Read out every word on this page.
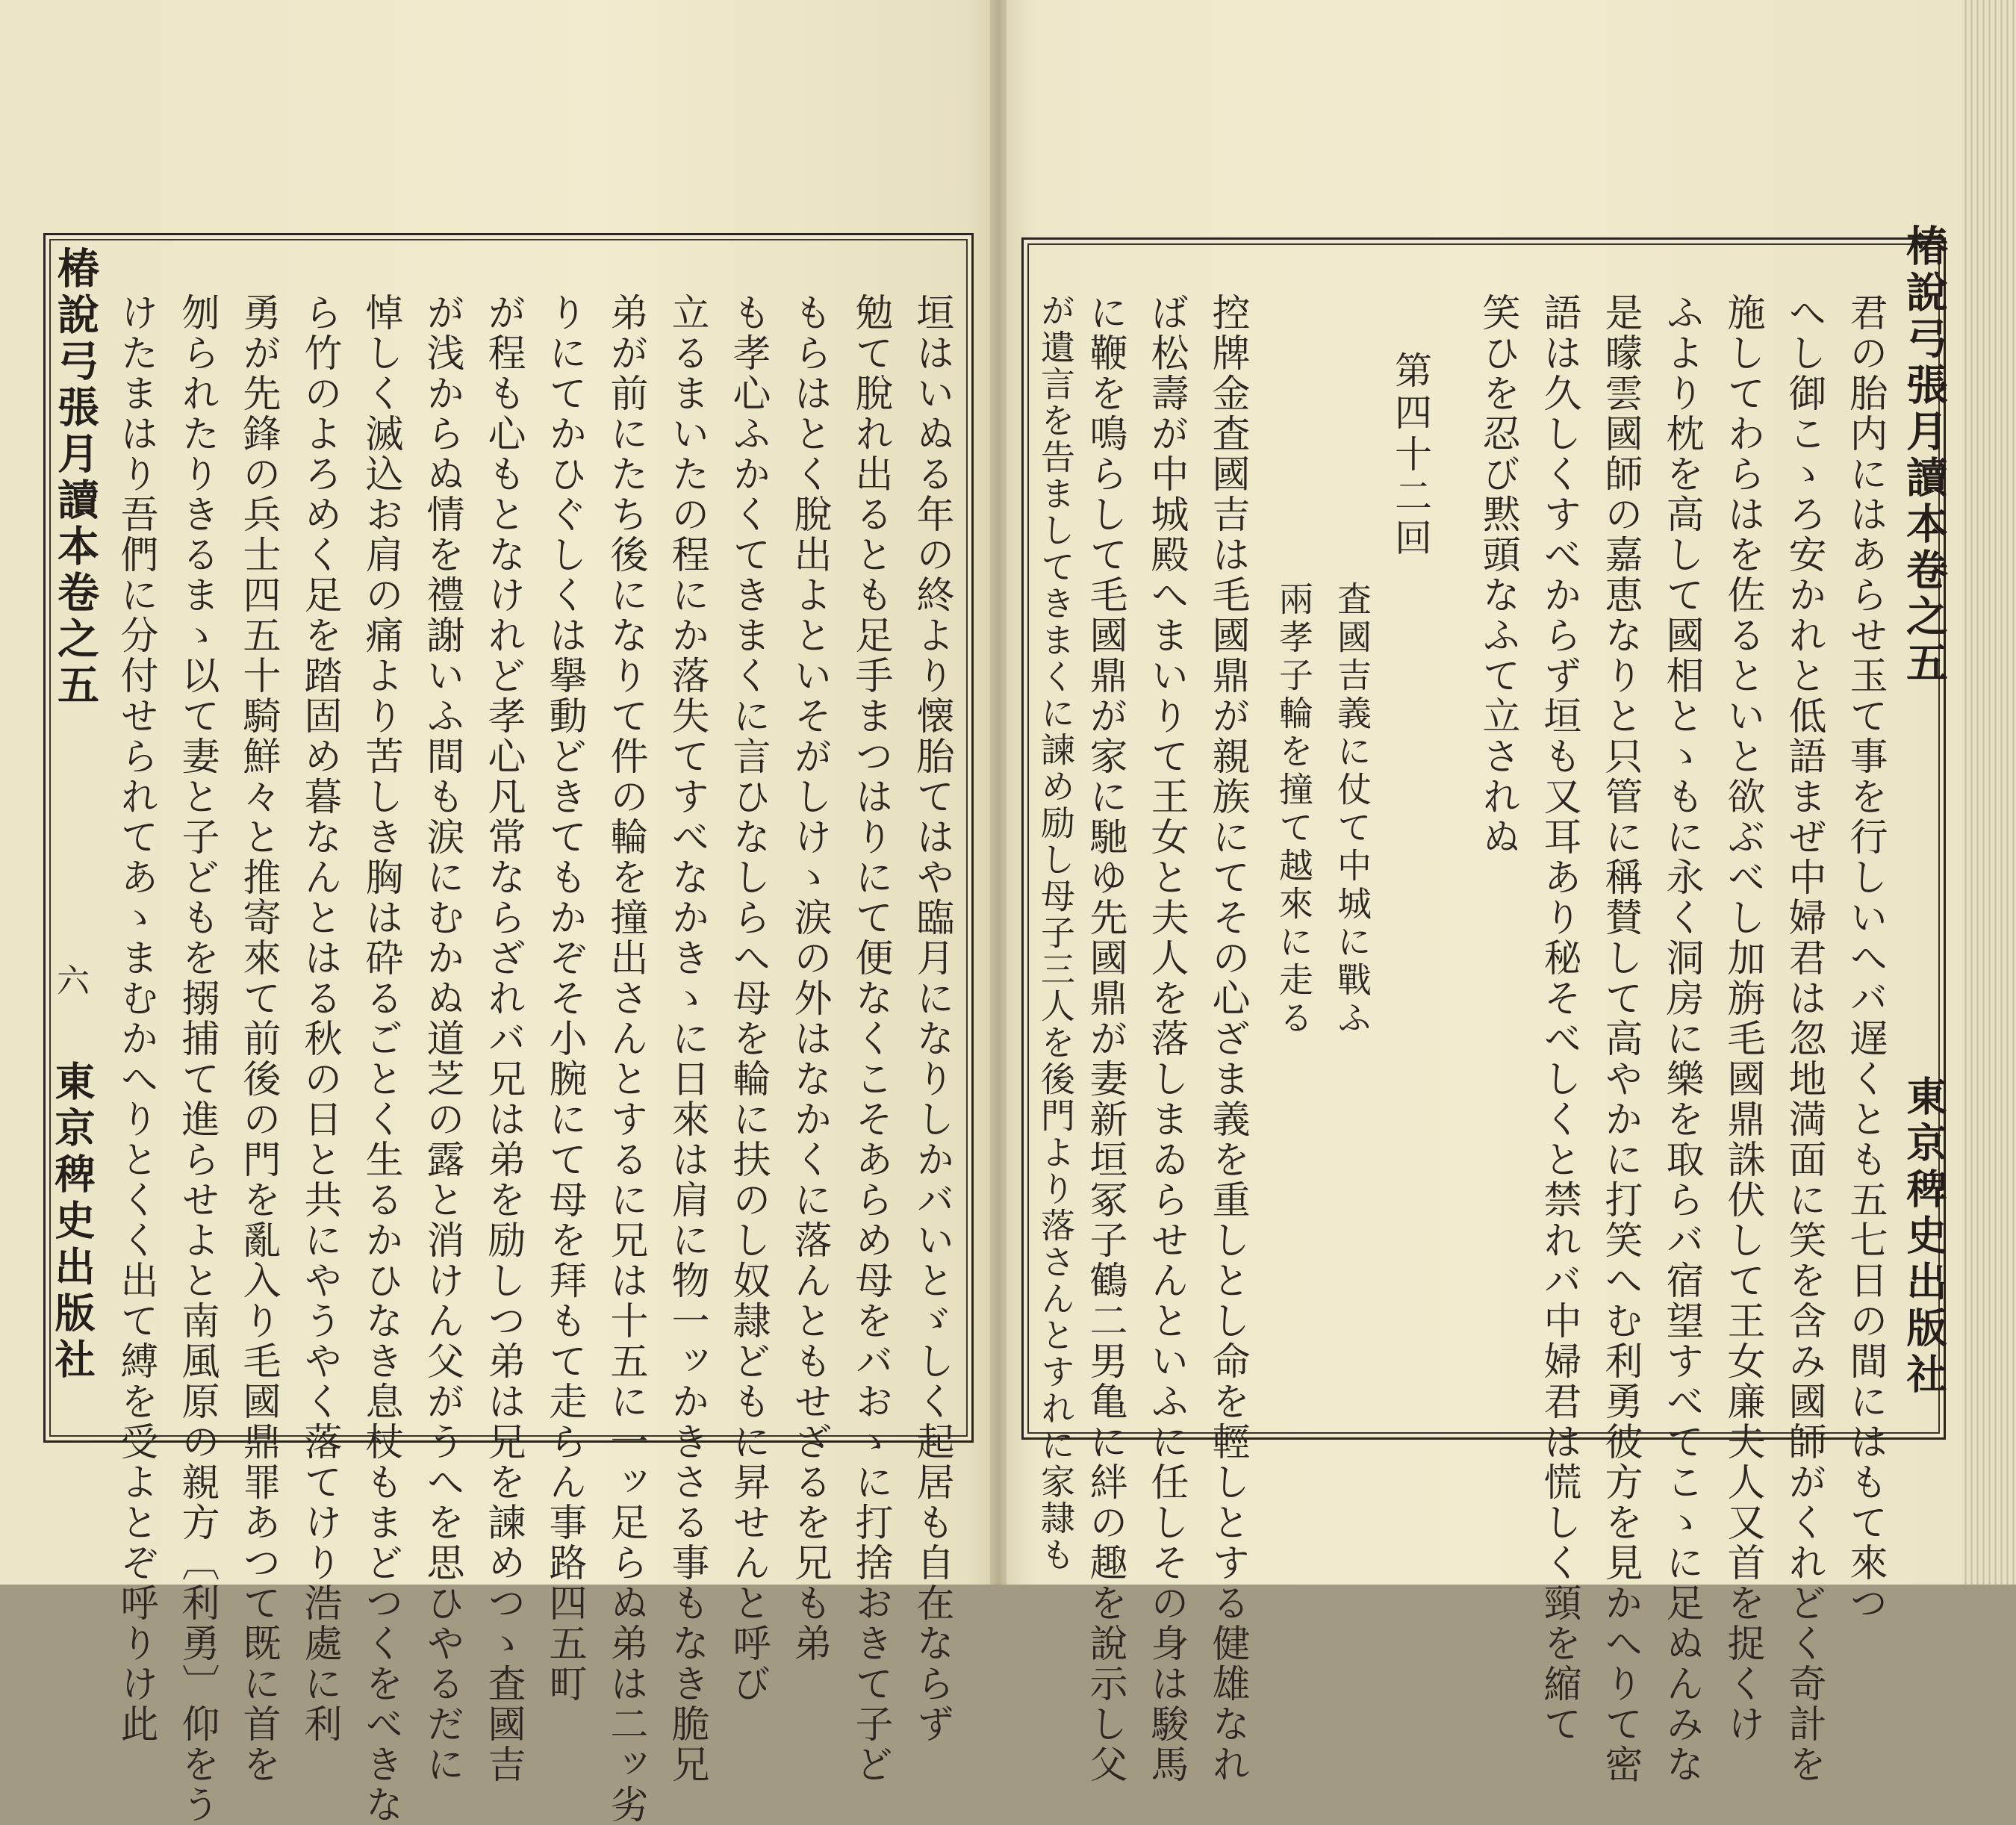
椿說弓張月讀本卷之五
六
東京稗史出版社	垣はいぬる年の終より懐胎てはや臨月になりしかバいとゞしく起居も自在ならず
勉て脫れ出るとも足手まつはりにて便なくこそあらめ母をバおゝに打捨おきて子ど
もらはとく脫出よといそがしけゝ涙の外はなかくに落んともせざるを兄も弟
も孝心ふかくてきまくに言ひなしらへ母を輪に扶のし奴隷どもに昇せんと呼び
立るまいたの程にか落失てすべなかきゝに日來は肩に物一ッかきさる事もなき脆兄
弟が前にたち後になりて件の輪を撞出さんとするに兄は十五に一ッ足らぬ弟は二ッ劣
りにてかひぐしくは擧動どきてもかぞそ小腕にて母を拜もて走らん事路四五町
が程も心もとなけれど孝心凡常ならざれバ兄は弟を励しつ弟は兄を諫めつゝ査國吉
が浅からぬ情を禮謝いふ間も涙にむかぬ道芝の露と消けん父がうへを思ひやるだに
悼しく滅込お肩の痛より苦しき胸は砕るごとく生るかひなき息杖もまどつくをべきな
ら竹のよろめく足を踏固め暮なんとはる秋の日と共にやうやく落てけり浩處に利
勇が先鋒の兵士四五十騎鮮々と推寄來て前後の門を亂入り毛國鼎罪あつて既に首を
刎られたりきるまゝ以て妻と子どもを搦捕て進らせよと南風原の親方〔利勇〕仰をう
けたまはり吾們に分付せられてあゝまむかへりとくく出て縛を受よとぞ呼りけ此	椿說弓張月讀本卷之五
東京稗史出版社
君の胎内にはあらせ玉て事を行しいへバ遅くとも五七日の間にはもて來つ
へし御こゝろ安かれと低語まぜ中婦君は忽地満面に笑を含み國師がくれどく奇計を
施してわらはを佐るといと欲ぶべし加旃毛國鼎誅伏して王女廉夫人又首を捉くけ
ふより枕を高して國相とゝもに永く洞房に樂を取らバ宿望すべてこゝに足ぬんみな
是曚雲國師の嘉恵なりと只管に稱賛して高やかに打笑へむ利勇彼方を見かへりて密
語は久しくすべからず垣も又耳あり秘そべしくと禁れバ中婦君は慌しく頸を縮て
笑ひを忍び黙頭なふて立されぬ
第四十二回
査國吉義に仗て中城に戰ふ
兩孝子輪を撞て越來に走る
控牌金査國吉は毛國鼎が親族にてその心ざま義を重しとし命を輕しとする健雄なれ
ば松壽が中城殿へまいりて王女と夫人を落しまゐらせんといふに任しその身は駿馬
に鞭を鳴らして毛國鼎が家に馳ゆ先國鼎が妻新垣冢子鶴二男亀に絆の趣を說示し父
が遺言を告ましてきまくに諫め励し母子三人を後門より落さんとすれに家隷も
